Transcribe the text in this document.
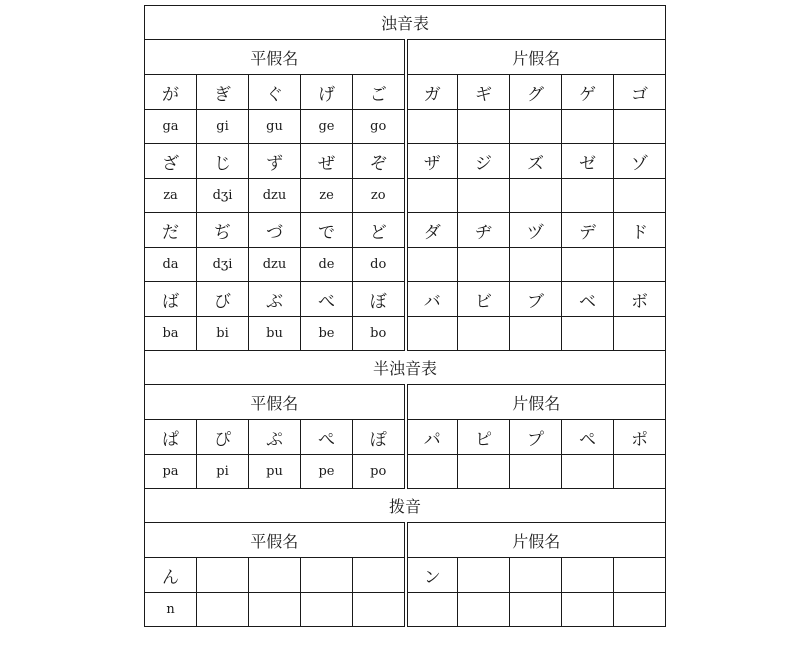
浊音表									
平假名					片假名				
が	ぎ	ぐ	げ	ご	ガ	ギ	グ	ゲ	ゴ
ga	gi	gu	ge	go					
ざ	じ	ず	ぜ	ぞ	ザ	ジ	ズ	ゼ	ゾ
za	dʒi	dzu	ze	zo					
だ	ぢ	づ	で	ど	ダ	ヂ	ヅ	デ	ド
da	dʒi	dzu	de	do					
ば	び	ぶ	べ	ぼ	バ	ビ	ブ	ベ	ボ
ba	bi	bu	be	bo					
半浊音表									
平假名					片假名				
ぱ	ぴ	ぷ	ぺ	ぽ	パ	ピ	プ	ペ	ポ
pa	pi	pu	pe	po					
拨音									
平假名					片假名				
ん					ン				
n									
